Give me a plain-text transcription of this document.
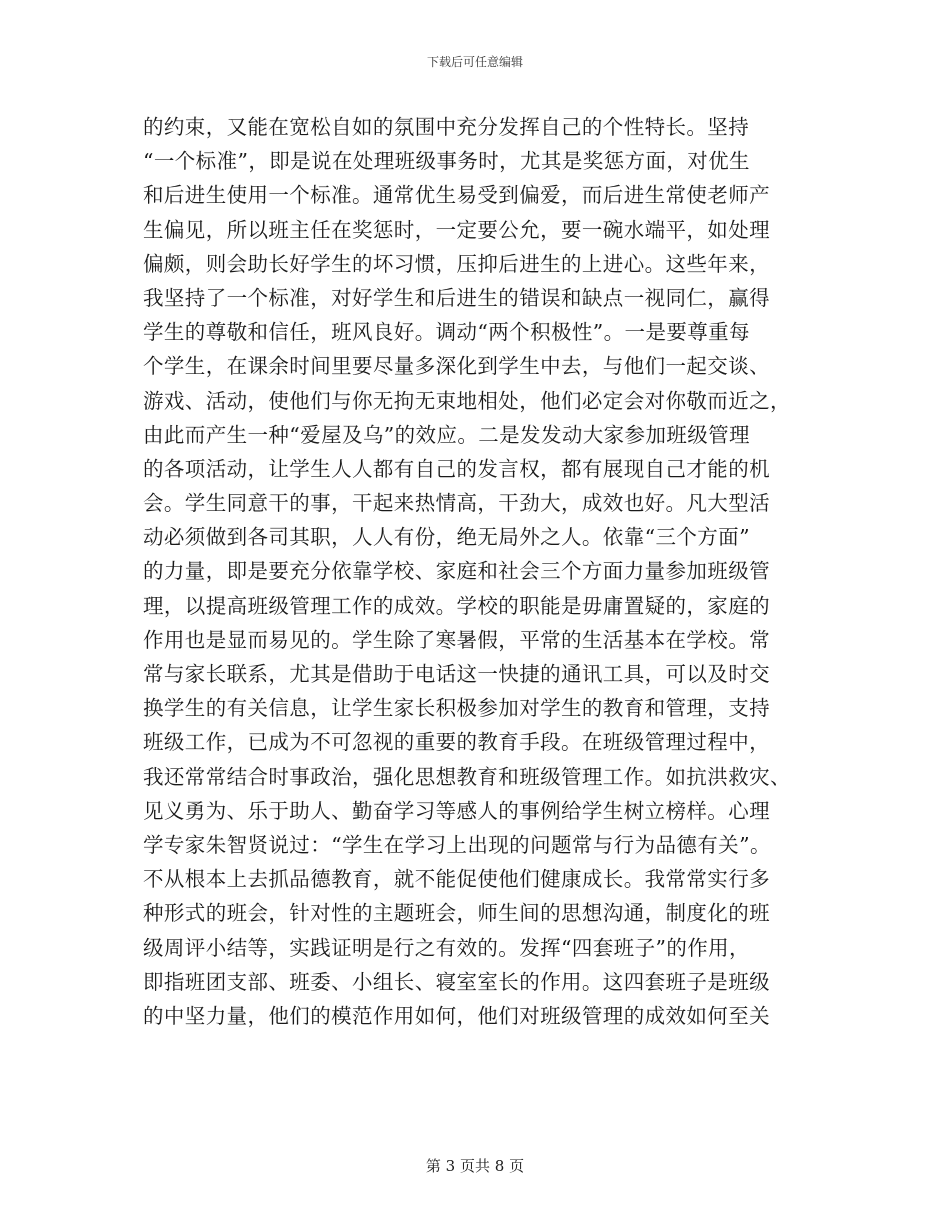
下载后可任意编辑
的约束，又能在宽松自如的氛围中充分发挥自己的个性特长。坚持
“一个标准”，即是说在处理班级事务时，尤其是奖惩方面，对优生
和后进生使用一个标准。通常优生易受到偏爱，而后进生常使老师产
生偏见，所以班主任在奖惩时，一定要公允，要一碗水端平，如处理
偏颇，则会助长好学生的坏习惯，压抑后进生的上进心。这些年来，
我坚持了一个标准，对好学生和后进生的错误和缺点一视同仁，赢得
学生的尊敬和信任，班风良好。调动“两个积极性”。一是要尊重每
个学生，在课余时间里要尽量多深化到学生中去，与他们一起交谈、
游戏、活动，使他们与你无拘无束地相处，他们必定会对你敬而近之，
由此而产生一种“爱屋及乌”的效应。二是发发动大家参加班级管理
的各项活动，让学生人人都有自己的发言权，都有展现自己才能的机
会。学生同意干的事，干起来热情高，干劲大，成效也好。凡大型活
动必须做到各司其职，人人有份，绝无局外之人。依靠“三个方面”
的力量，即是要充分依靠学校、家庭和社会三个方面力量参加班级管
理，以提高班级管理工作的成效。学校的职能是毋庸置疑的，家庭的
作用也是显而易见的。学生除了寒暑假，平常的生活基本在学校。常
常与家长联系，尤其是借助于电话这一快捷的通讯工具，可以及时交
换学生的有关信息，让学生家长积极参加对学生的教育和管理，支持
班级工作，已成为不可忽视的重要的教育手段。在班级管理过程中，
我还常常结合时事政治，强化思想教育和班级管理工作。如抗洪救灾、
见义勇为、乐于助人、勤奋学习等感人的事例给学生树立榜样。心理
学专家朱智贤说过：“学生在学习上出现的问题常与行为品德有关”。
不从根本上去抓品德教育，就不能促使他们健康成长。我常常实行多
种形式的班会，针对性的主题班会，师生间的思想沟通，制度化的班
级周评小结等，实践证明是行之有效的。发挥“四套班子”的作用，
即指班团支部、班委、小组长、寝室室长的作用。这四套班子是班级
的中坚力量，他们的模范作用如何，他们对班级管理的成效如何至关
第 3 页共 8 页
